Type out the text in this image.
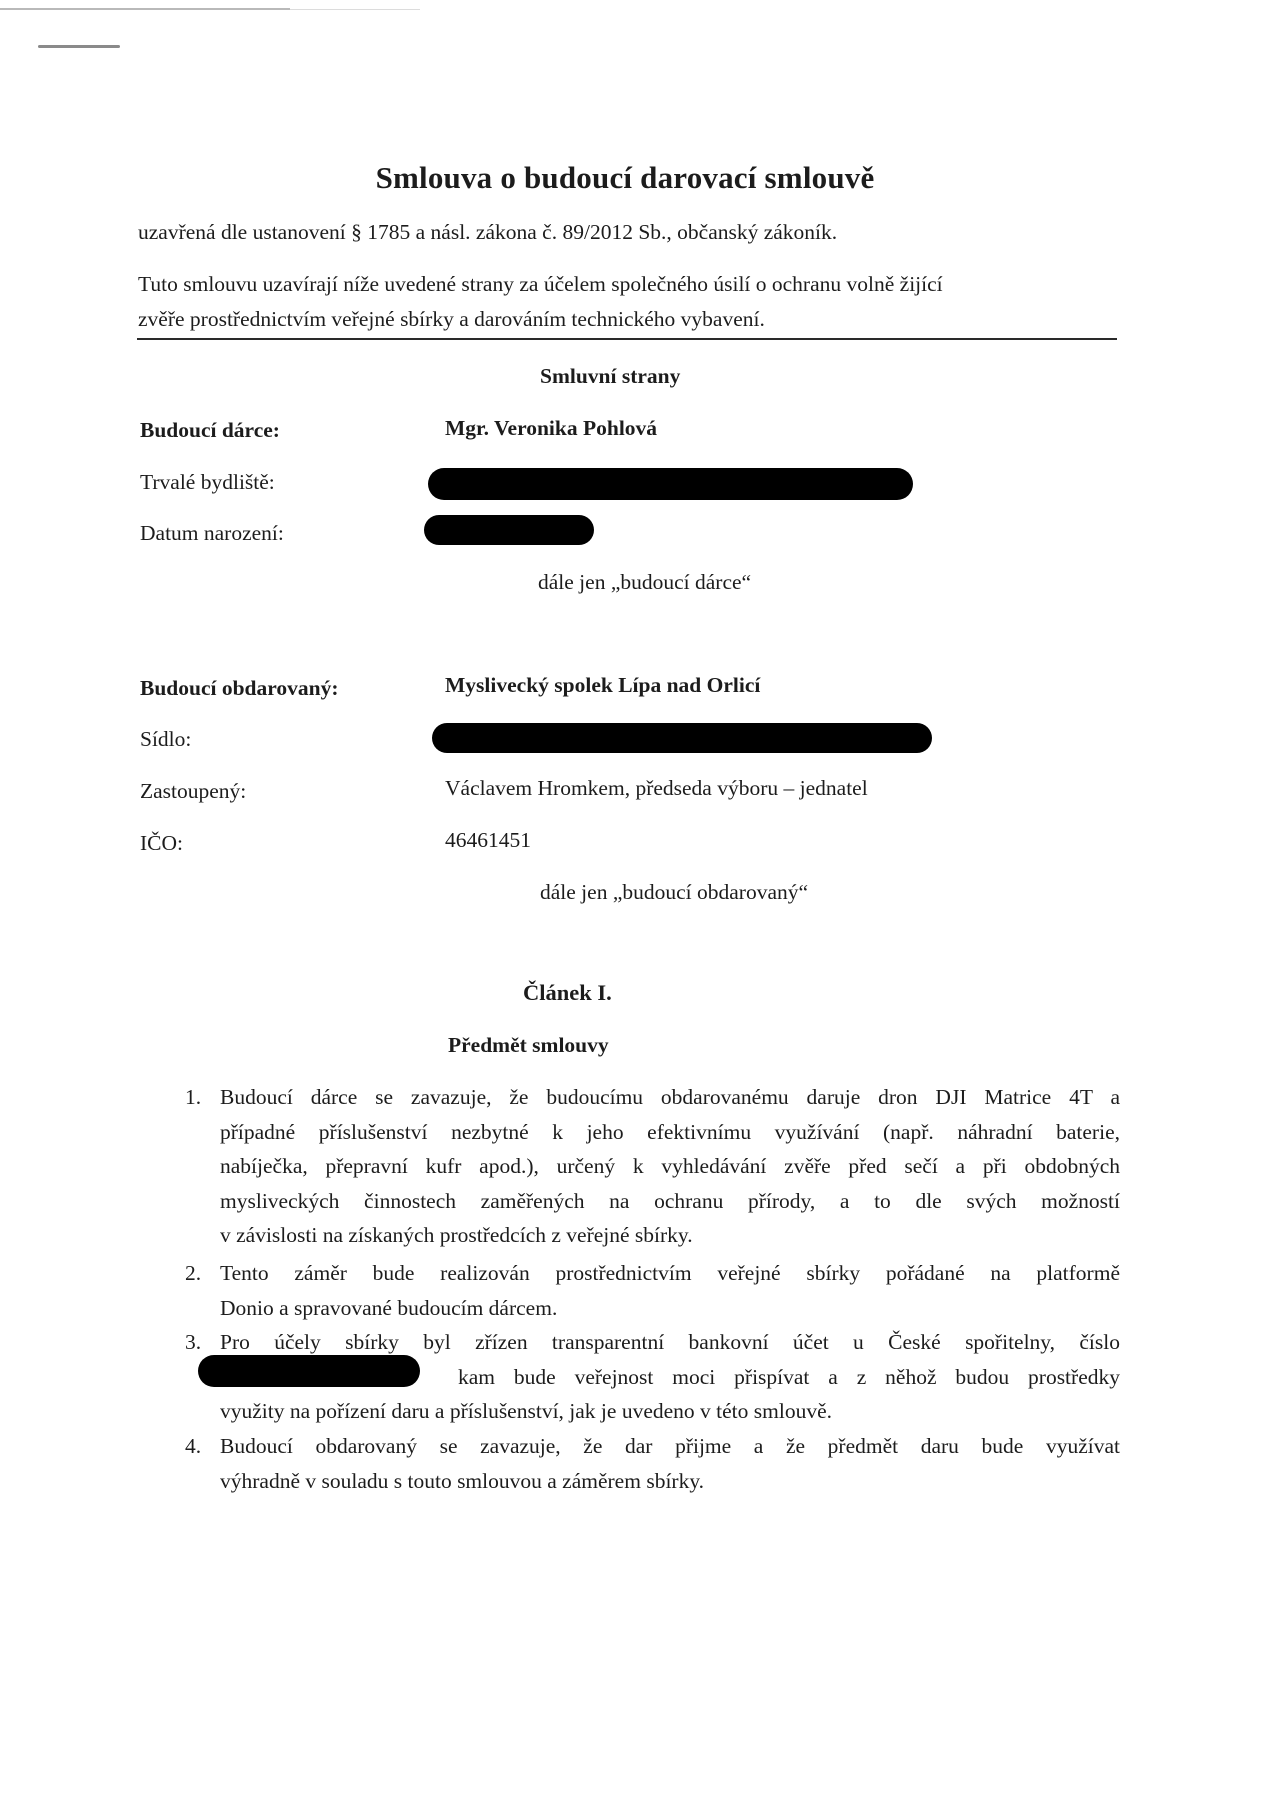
Smlouva o budoucí darovací smlouvě
uzavřená dle ustanovení § 1785 a násl. zákona č. 89/2012 Sb., občanský zákoník.
Tuto smlouvu uzavírají níže uvedené strany za účelem společného úsilí o ochranu volně žijící
zvěře prostřednictvím veřejné sbírky a darováním technického vybavení.
Smluvní strany
Budoucí dárce:	Mgr. Veronika Pohlová
Trvalé bydliště:
Datum narození:
dále jen „budoucí dárce“
Budoucí obdarovaný:	Myslivecký spolek Lípa nad Orlicí
Sídlo:
Zastoupený:	Václavem Hromkem, předseda výboru – jednatel
IČO:	46461451
dále jen „budoucí obdarovaný“
Článek I.
Předmět smlouvy
1. Budoucí dárce se zavazuje, že budoucímu obdarovanému daruje dron DJI Matrice 4T a
případné příslušenství nezbytné k jeho efektivnímu využívání (např. náhradní baterie,
nabíječka, přepravní kufr apod.), určený k vyhledávání zvěře před sečí a při obdobných
mysliveckých činnostech zaměřených na ochranu přírody, a to dle svých možností
v závislosti na získaných prostředcích z veřejné sbírky.
2. Tento záměr bude realizován prostřednictvím veřejné sbírky pořádané na platformě
Donio a spravované budoucím dárcem.
3. Pro účely sbírky byl zřízen transparentní bankovní účet u České spořitelny, číslo
kam bude veřejnost moci přispívat a z něhož budou prostředky
využity na pořízení daru a příslušenství, jak je uvedeno v této smlouvě.
4. Budoucí obdarovaný se zavazuje, že dar přijme a že předmět daru bude využívat
výhradně v souladu s touto smlouvou a záměrem sbírky.
